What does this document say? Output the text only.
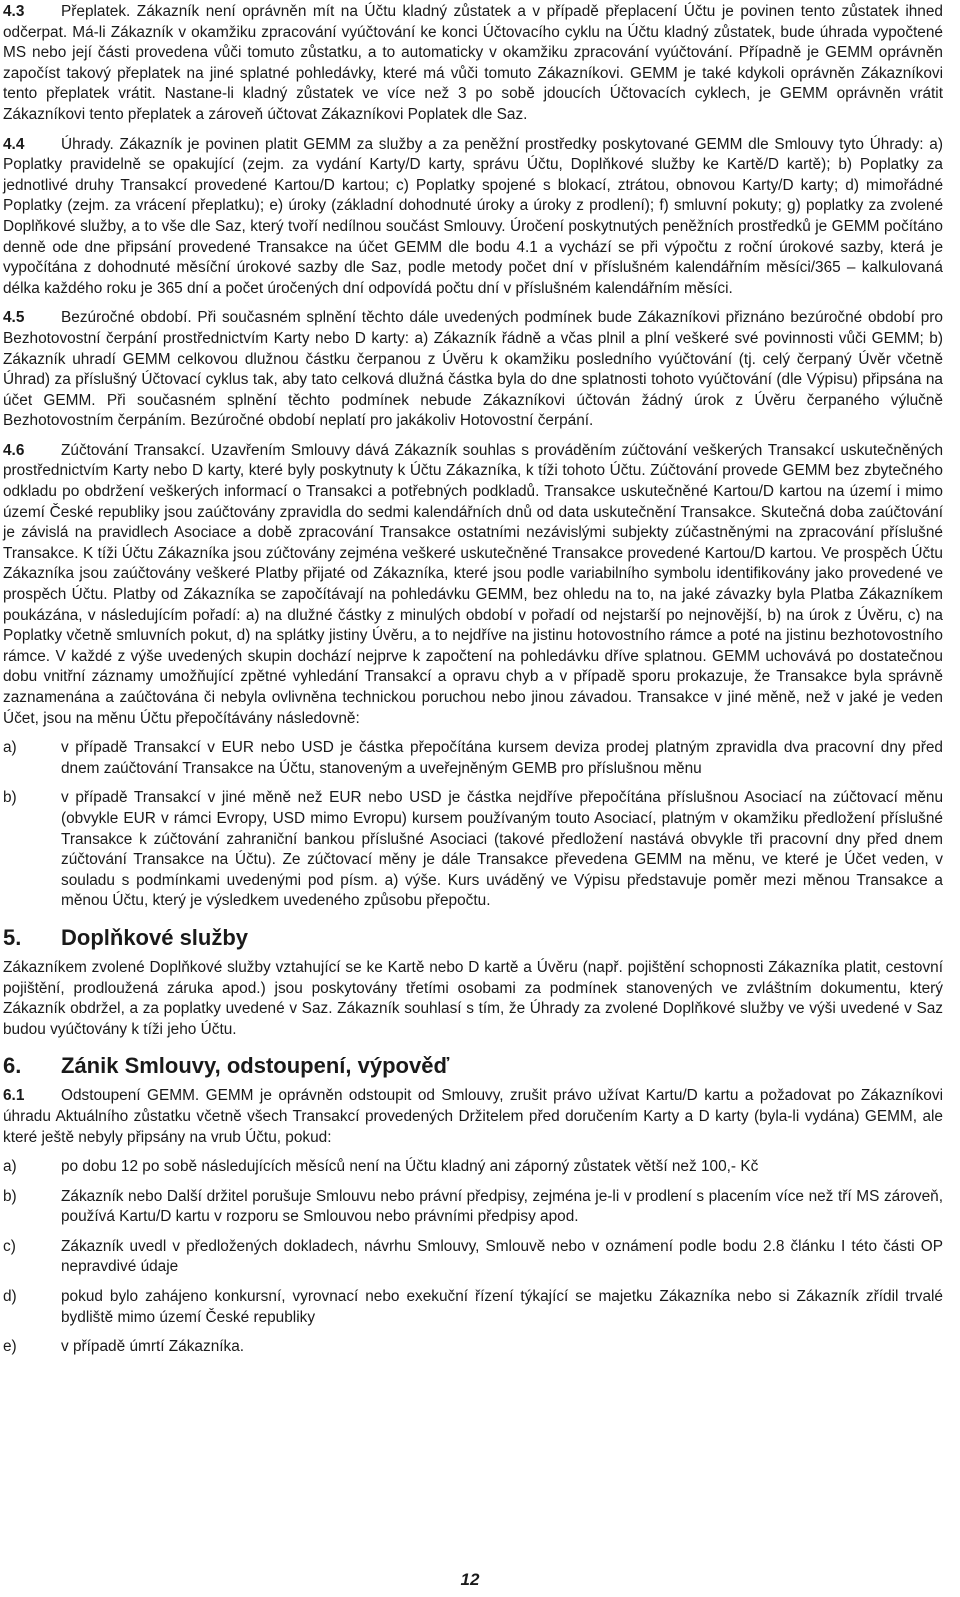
4.3 Přeplatek. Zákazník není oprávněn mít na Účtu kladný zůstatek a v případě přeplacení Účtu je povinen tento zůstatek ihned odčerpat. Má-li Zákazník v okamžiku zpracování vyúčtování ke konci Účtovacího cyklu na Účtu kladný zůstatek, bude úhrada vypočtené MS nebo její části provedena vůči tomuto zůstatku, a to automaticky v okamžiku zpracování vyúčtování. Případně je GEMM oprávněn započíst takový přeplatek na jiné splatné pohledávky, které má vůči tomuto Zákazníkovi. GEMM je také kdykoli oprávněn Zákazníkovi tento přeplatek vrátit. Nastane-li kladný zůstatek ve více než 3 po sobě jdoucích Účtovacích cyklech, je GEMM oprávněn vrátit Zákazníkovi tento přeplatek a zároveň účtovat Zákazníkovi Poplatek dle Saz.

4.4 Úhrady. Zákazník je povinen platit GEMM za služby a za peněžní prostředky poskytované GEMM dle Smlouvy tyto Úhrady: a) Poplatky pravidelně se opakující (zejm. za vydání Karty/D karty, správu Účtu, Doplňkové služby ke Kartě/D kartě); b) Poplatky za jednotlivé druhy Transakcí provedené Kartou/D kartou; c) Poplatky spojené s blokací, ztrátou, obnovou Karty/D karty; d) mimořádné Poplatky (zejm. za vrácení přeplatku); e) úroky (základní dohodnuté úroky a úroky z prodlení); f) smluvní pokuty; g) poplatky za zvolené Doplňkové služby, a to vše dle Saz, který tvoří nedílnou součást Smlouvy. Úročení poskytnutých peněžních prostředků je GEMM počítáno denně ode dne připsání provedené Transakce na účet GEMM dle bodu 4.1 a vychází se při výpočtu z roční úrokové sazby, která je vypočítána z dohodnuté měsíční úrokové sazby dle Saz, podle metody počet dní v příslušném kalendářním měsíci/365 – kalkulovaná délka každého roku je 365 dní a počet úročených dní odpovídá počtu dní v příslušném kalendářním měsíci.

4.5 Bezúročné období. Při současném splnění těchto dále uvedených podmínek bude Zákazníkovi přiznáno bezúročné období pro Bezhotovostní čerpání prostřednictvím Karty nebo D karty: a) Zákazník řádně a včas plnil a plní veškeré své povinnosti vůči GEMM; b) Zákazník uhradí GEMM celkovou dlužnou částku čerpanou z Úvěru k okamžiku posledního vyúčtování (tj. celý čerpaný Úvěr včetně Úhrad) za příslušný Účtovací cyklus tak, aby tato celková dlužná částka byla do dne splatnosti tohoto vyúčtování (dle Výpisu) připsána na účet GEMM. Při současném splnění těchto podmínek nebude Zákazníkovi účtován žádný úrok z Úvěru čerpaného výlučně Bezhotovostním čerpáním. Bezúročné období neplatí pro jakákoliv Hotovostní čerpání.

4.6 Zúčtování Transakcí. Uzavřením Smlouvy dává Zákazník souhlas s prováděním zúčtování veškerých Transakcí uskutečněných prostřednictvím Karty nebo D karty, které byly poskytnuty k Účtu Zákazníka, k tíži tohoto Účtu. Zúčtování provede GEMM bez zbytečného odkladu po obdržení veškerých informací o Transakci a potřebných podkladů. Transakce uskutečněné Kartou/D kartou na území i mimo území České republiky jsou zaúčtovány zpravidla do sedmi kalendářních dnů od data uskutečnění Transakce. Skutečná doba zaúčtování je závislá na pravidlech Asociace a době zpracování Transakce ostatními nezávislými subjekty zúčastněnými na zpracování příslušné Transakce. K tíži Účtu Zákazníka jsou zúčtovány zejména veškeré uskutečněné Transakce provedené Kartou/D kartou. Ve prospěch Účtu Zákazníka jsou zaúčtovány veškeré Platby přijaté od Zákazníka, které jsou podle variabilního symbolu identifikovány jako provedené ve prospěch Účtu. Platby od Zákazníka se započítávají na pohledávku GEMM, bez ohledu na to, na jaké závazky byla Platba Zákazníkem poukázána, v následujícím pořadí: a) na dlužné částky z minulých období v pořadí od nejstarší po nejnovější, b) na úrok z Úvěru, c) na Poplatky včetně smluvních pokut, d) na splátky jistiny Úvěru, a to nejdříve na jistinu hotovostního rámce a poté na jistinu bezhotovostního rámce. V každé z výše uvedených skupin dochází nejprve k započtení na pohledávku dříve splatnou. GEMM uchovává po dostatečnou dobu vnitřní záznamy umožňující zpětné vyhledání Transakcí a opravu chyb a v případě sporu prokazuje, že Transakce byla správně zaznamenána a zaúčtována či nebyla ovlivněna technickou poruchou nebo jinou závadou. Transakce v jiné měně, než v jaké je veden Účet, jsou na měnu Účtu přepočítávány následovně:

a)	v případě Transakcí v EUR nebo USD je částka přepočítána kursem deviza prodej platným zpravidla dva pracovní dny před dnem zaúčtování Transakce na Účtu, stanoveným a uveřejněným GEMB pro příslušnou měnu

b)	v případě Transakcí v jiné měně než EUR nebo USD je částka nejdříve přepočítána příslušnou Asociací na zúčtovací měnu (obvykle EUR v rámci Evropy, USD mimo Evropu) kursem používaným touto Asociací, platným v okamžiku předložení příslušné Transakce k zúčtování zahraniční bankou příslušné Asociaci (takové předložení nastává obvykle tři pracovní dny před dnem zúčtování Transakce na Účtu). Ze zúčtovací měny je dále Transakce převedena GEMM na měnu, ve které je Účet veden, v souladu s podmínkami uvedenými pod písm. a) výše. Kurs uváděný ve Výpisu představuje poměr mezi měnou Transakce a měnou Účtu, který je výsledkem uvedeného způsobu přepočtu.

5. Doplňkové služby

Zákazníkem zvolené Doplňkové služby vztahující se ke Kartě nebo D kartě a Úvěru (např. pojištění schopnosti Zákazníka platit, cestovní pojištění, prodloužená záruka apod.) jsou poskytovány třetími osobami za podmínek stanovených ve zvláštním dokumentu, který Zákazník obdržel, a za poplatky uvedené v Saz. Zákazník souhlasí s tím, že Úhrady za zvolené Doplňkové služby ve výši uvedené v Saz budou vyúčtovány k tíži jeho Účtu.

6. Zánik Smlouvy, odstoupení, výpověď

6.1 Odstoupení GEMM. GEMM je oprávněn odstoupit od Smlouvy, zrušit právo užívat Kartu/D kartu a požadovat po Zákazníkovi úhradu Aktuálního zůstatku včetně všech Transakcí provedených Držitelem před doručením Karty a D karty (byla-li vydána) GEMM, ale které ještě nebyly připsány na vrub Účtu, pokud:

a)	po dobu 12 po sobě následujících měsíců není na Účtu kladný ani záporný zůstatek větší než 100,- Kč

b)	Zákazník nebo Další držitel porušuje Smlouvu nebo právní předpisy, zejména je-li v prodlení s placením více než tří MS zároveň, používá Kartu/D kartu v rozporu se Smlouvou nebo právními předpisy apod.

c)	Zákazník uvedl v předložených dokladech, návrhu Smlouvy, Smlouvě nebo v oznámení podle bodu 2.8 článku I této části OP nepravdivé údaje

d)	pokud bylo zahájeno konkursní, vyrovnací nebo exekuční řízení týkající se majetku Zákazníka nebo si Zákazník zřídil trvalé bydliště mimo území České republiky

e)	v případě úmrtí Zákazníka.

12
